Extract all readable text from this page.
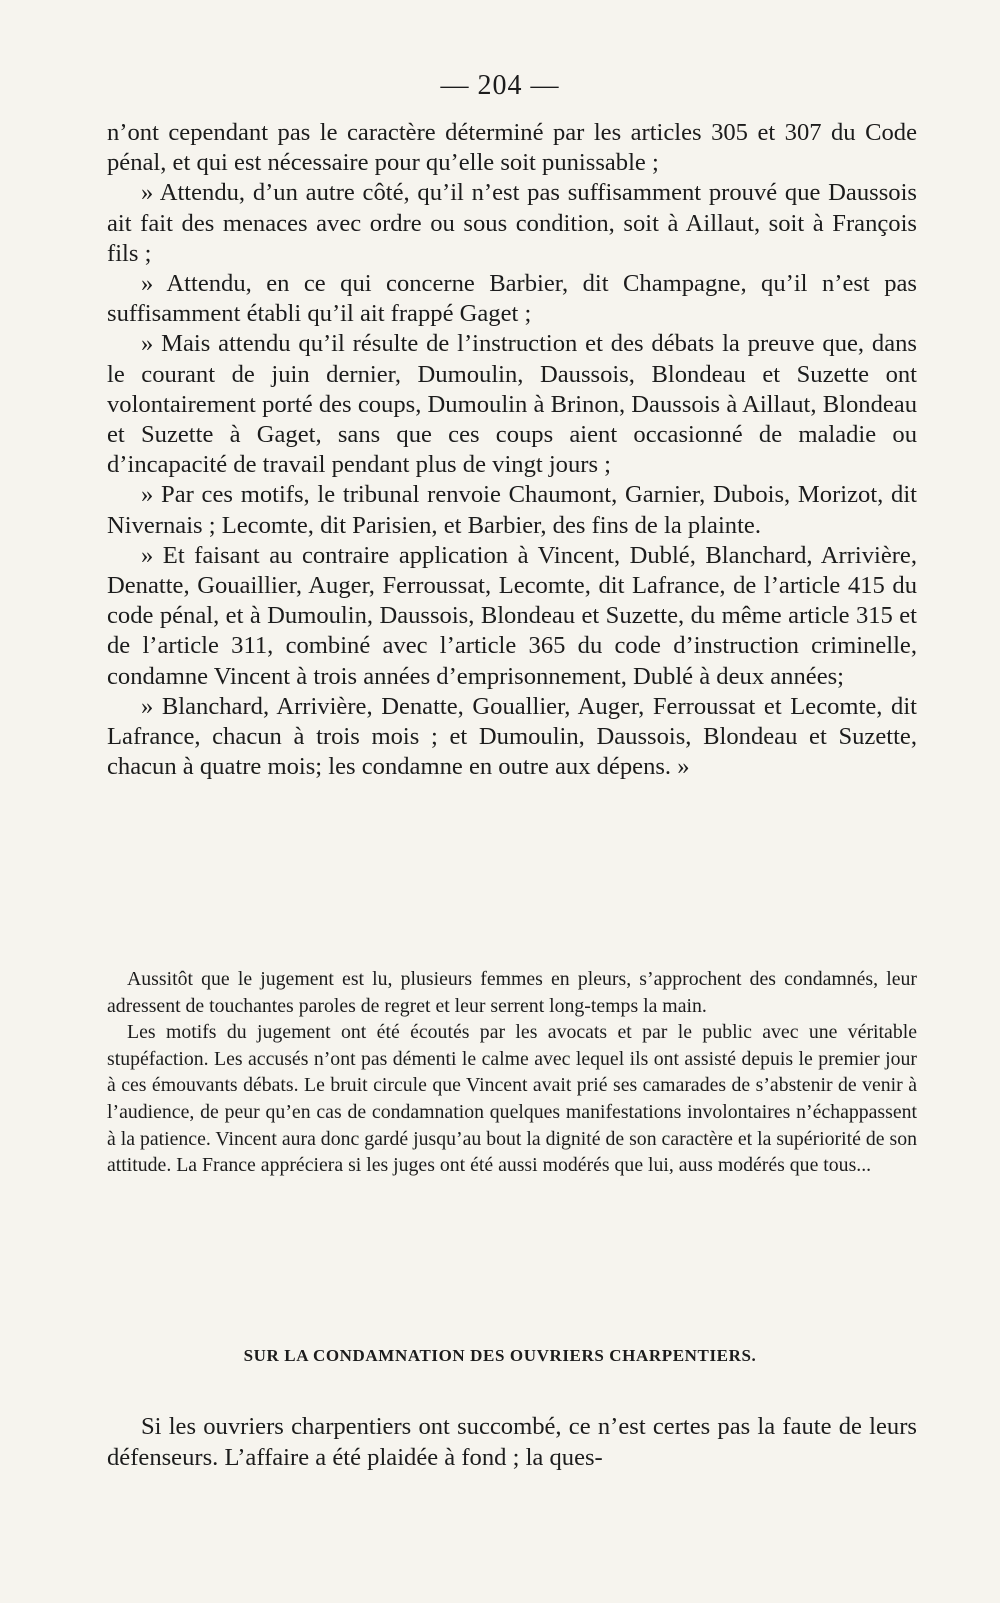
— 204 —

n’ont cependant pas le caractère déterminé par les articles 305 et 307 du Code pénal, et qui est nécessaire pour qu’elle soit punissable ;

» Attendu, d’un autre côté, qu’il n’est pas suffisamment prouvé que Daussois ait fait des menaces avec ordre ou sous condition, soit à Aillaut, soit à François fils ;

» Attendu, en ce qui concerne Barbier, dit Champagne, qu’il n’est pas suffisamment établi qu’il ait frappé Gaget ;

» Mais attendu qu’il résulte de l’instruction et des débats la preuve que, dans le courant de juin dernier, Dumoulin, Daussois, Blondeau et Suzette ont volontairement porté des coups, Dumoulin à Brinon, Daussois à Aillaut, Blondeau et Suzette à Gaget, sans que ces coups aient occasionné de maladie ou d’incapacité de travail pendant plus de vingt jours ;

» Par ces motifs, le tribunal renvoie Chaumont, Garnier, Dubois, Morizot, dit Nivernais ; Lecomte, dit Parisien, et Barbier, des fins de la plainte.

» Et faisant au contraire application à Vincent, Dublé, Blanchard, Arrivière, Denatte, Gouaillier, Auger, Ferroussat, Lecomte, dit Lafrance, de l’article 415 du code pénal, et à Dumoulin, Daussois, Blondeau et Suzette, du même article 315 et de l’article 311, combiné avec l’article 365 du code d’instruction criminelle, condamne Vincent à trois années d’emprisonnement, Dublé à deux années;

» Blanchard, Arrivière, Denatte, Gouallier, Auger, Ferroussat et Lecomte, dit Lafrance, chacun à trois mois ; et Dumoulin, Daussois, Blondeau et Suzette, chacun à quatre mois; les condamne en outre aux dépens. »

Aussitôt que le jugement est lu, plusieurs femmes en pleurs, s’approchent des condamnés, leur adressent de touchantes paroles de regret et leur serrent long-temps la main.

Les motifs du jugement ont été écoutés par les avocats et par le public avec une véritable stupéfaction. Les accusés n’ont pas démenti le calme avec lequel ils ont assisté depuis le premier jour à ces émouvants débats. Le bruit circule que Vincent avait prié ses camarades de s’abstenir de venir à l’audience, de peur qu’en cas de condamnation quelques manifestations involontaires n’échappassent à la patience. Vincent aura donc gardé jusqu’au bout la dignité de son caractère et la supériorité de son attitude. La France appréciera si les juges ont été aussi modérés que lui, auss modérés que tous...

SUR LA CONDAMNATION DES OUVRIERS CHARPENTIERS.

Si les ouvriers charpentiers ont succombé, ce n’est certes pas la faute de leurs défenseurs. L’affaire a été plaidée à fond ; la ques-
